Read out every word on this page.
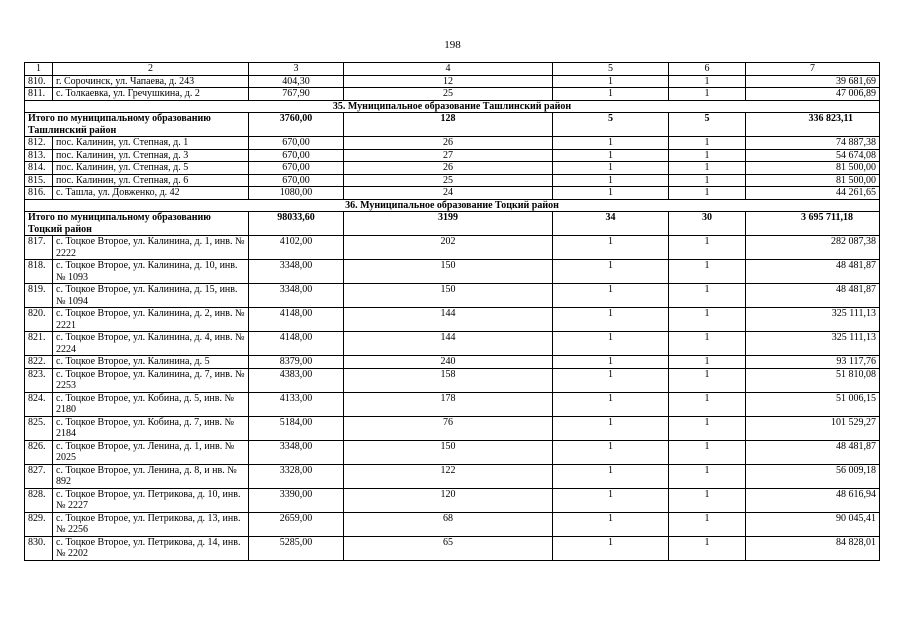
198
1	2	3	4	5	6	7
810.	г. Сорочинск, ул. Чапаева, д. 243	404,30	12	1	1	39 681,69
811.	с. Толкаевка, ул. Гречушкина, д. 2	767,90	25	1	1	47 006,89
35. Муниципальное образование Ташлинский район						
Итого по муниципальному образованию Ташлинский район		3760,00	128	5	5	336 823,11
812.	пос. Калинин, ул. Степная, д. 1	670,00	26	1	1	74 887,38
813.	пос. Калинин, ул. Степная, д. 3	670,00	27	1	1	54 674,08
814.	пос. Калинин, ул. Степная, д. 5	670,00	26	1	1	81 500,00
815.	пос. Калинин, ул. Степная, д. 6	670,00	25	1	1	81 500,00
816.	с. Ташла, ул. Довженко, д. 42	1080,00	24	1	1	44 261,65
36. Муниципальное образование Тоцкий район						
Итого по муниципальному образованию Тоцкий район		98033,60	3199	34	30	3 695 711,18
817.	с. Тоцкое Второе, ул. Калинина, д. 1, инв. № 2222	4102,00	202	1	1	282 087,38
818.	с. Тоцкое Второе, ул. Калинина, д. 10, инв. № 1093	3348,00	150	1	1	48 481,87
819.	с. Тоцкое Второе, ул. Калинина, д. 15, инв. № 1094	3348,00	150	1	1	48 481,87
820.	с. Тоцкое Второе, ул. Калинина, д. 2, инв. № 2221	4148,00	144	1	1	325 111,13
821.	с. Тоцкое Второе, ул. Калинина, д. 4, инв. № 2224	4148,00	144	1	1	325 111,13
822.	с. Тоцкое Второе, ул. Калинина, д. 5	8379,00	240	1	1	93 117,76
823.	с. Тоцкое Второе, ул. Калинина, д. 7, инв. № 2253	4383,00	158	1	1	51 810,08
824.	с. Тоцкое Второе, ул. Кобина, д. 5, инв. № 2180	4133,00	178	1	1	51 006,15
825.	с. Тоцкое Второе, ул. Кобина, д. 7, инв. № 2184	5184,00	76	1	1	101 529,27
826.	с. Тоцкое Второе, ул. Ленина, д. 1, инв. № 2025	3348,00	150	1	1	48 481,87
827.	с. Тоцкое Второе, ул. Ленина, д. 8, и нв. № 892	3328,00	122	1	1	56 009,18
828.	с. Тоцкое Второе, ул. Петрикова, д. 10, инв. № 2227	3390,00	120	1	1	48 616,94
829.	с. Тоцкое Второе, ул. Петрикова, д. 13, инв. № 2256	2659,00	68	1	1	90 045,41
830.	с. Тоцкое Второе, ул. Петрикова, д. 14, инв. № 2202	5285,00	65	1	1	84 828,01
